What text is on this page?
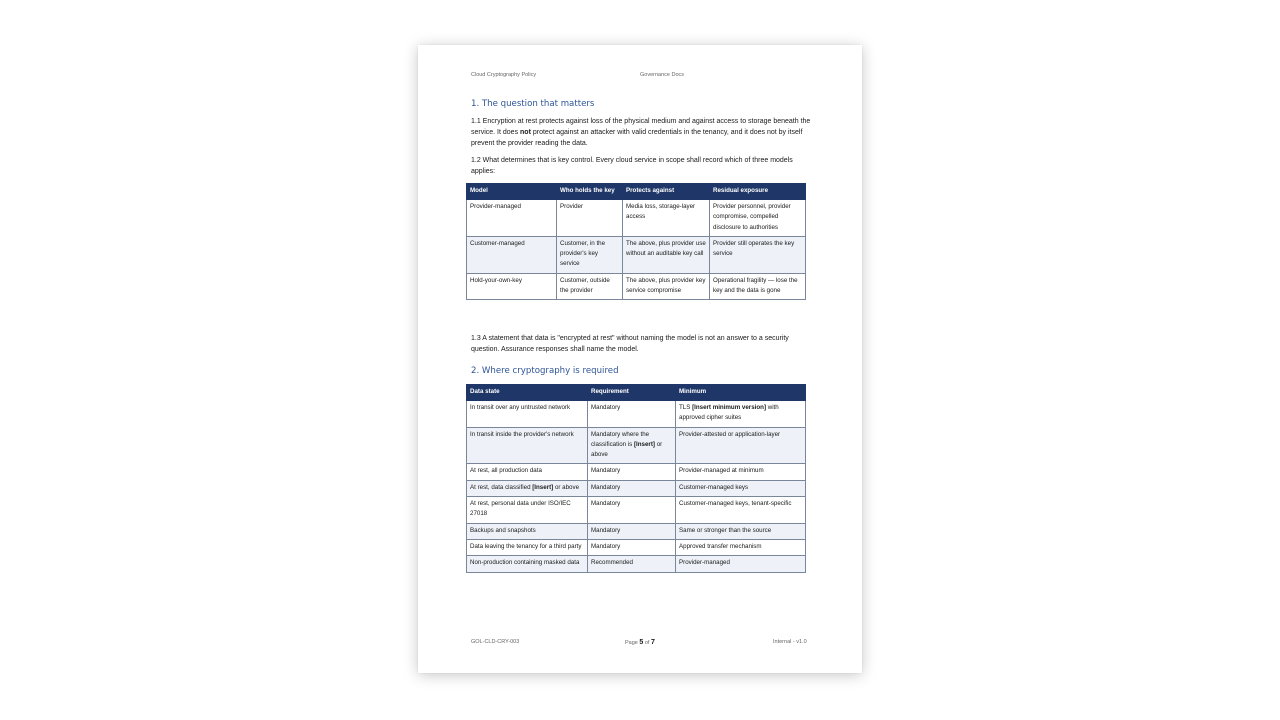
Cloud Cryptography Policy	Governance Docs
1. The question that matters
1.1 Encryption at rest protects against loss of the physical medium and against access to storage beneath the service. It does not protect against an attacker with valid credentials in the tenancy, and it does not by itself prevent the provider reading the data.
1.2 What determines that is key control. Every cloud service in scope shall record which of three models applies:
Model	Who holds the key	Protects against	Residual exposure
Provider-managed	Provider	Media loss, storage-layer access	Provider personnel, provider compromise, compelled disclosure to authorities
Customer-managed	Customer, in the provider's key service	The above, plus provider use without an auditable key call	Provider still operates the key service
Hold-your-own-key	Customer, outside the provider	The above, plus provider key service compromise	Operational fragility — lose the key and the data is gone
1.3 A statement that data is "encrypted at rest" without naming the model is not an answer to a security question. Assurance responses shall name the model.
2. Where cryptography is required
Data state	Requirement	Minimum
In transit over any untrusted network	Mandatory	TLS [Insert minimum version] with approved cipher suites
In transit inside the provider's network	Mandatory where the classification is [Insert] or above	Provider-attested or application-layer
At rest, all production data	Mandatory	Provider-managed at minimum
At rest, data classified [Insert] or above	Mandatory	Customer-managed keys
At rest, personal data under ISO/IEC 27018	Mandatory	Customer-managed keys, tenant-specific
Backups and snapshots	Mandatory	Same or stronger than the source
Data leaving the tenancy for a third party	Mandatory	Approved transfer mechanism
Non-production containing masked data	Recommended	Provider-managed
GOL-CLD-CRY-003	Page 5 of 7	Internal - v1.0
